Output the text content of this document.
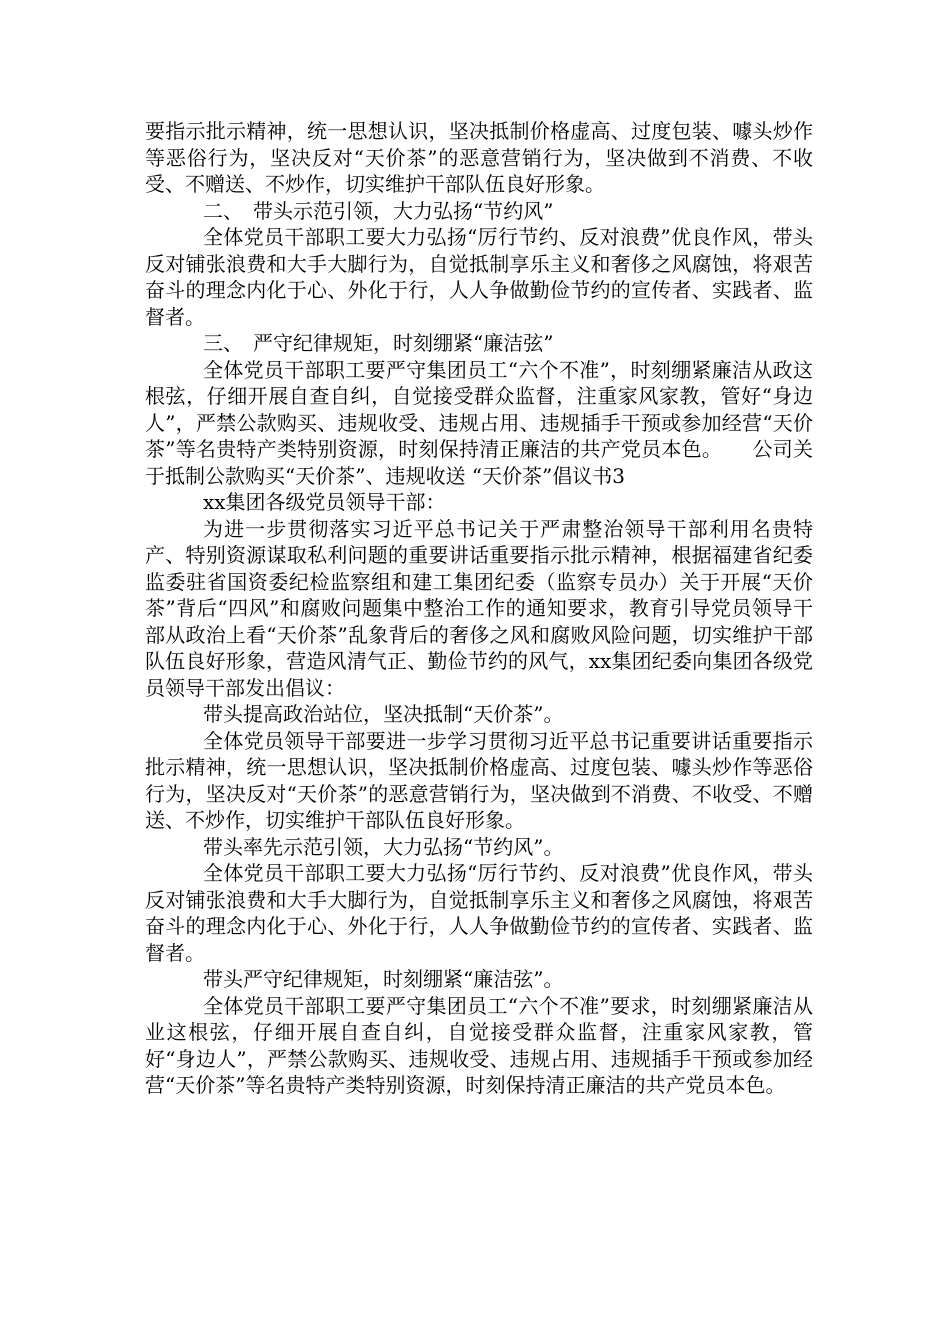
要指示批示精神，统一思想认识，坚决抵制价格虚高、过度包装、噱头炒作等恶俗行为，坚决反对“天价茶”的恶意营销行为，坚决做到不消费、不收受、不赠送、不炒作，切实维护干部队伍良好形象。

二、　带头示范引领，大力弘扬“节约风”

全体党员干部职工要大力弘扬“厉行节约、反对浪费”优良作风，带头反对铺张浪费和大手大脚行为，自觉抵制享乐主义和奢侈之风腐蚀，将艰苦奋斗的理念内化于心、外化于行，人人争做勤俭节约的宣传者、实践者、监督者。

三、　严守纪律规矩，时刻绷紧“廉洁弦”

全体党员干部职工要严守集团员工“六个不准”，时刻绷紧廉洁从政这根弦，仔细开展自查自纠，自觉接受群众监督，注重家风家教，管好“身边人”，严禁公款购买、违规收受、违规占用、违规插手干预或参加经营“天价茶”等名贵特产类特别资源，时刻保持清正廉洁的共产党员本色。　　公司关于抵制公款购买“天价茶”、违规收送 “天价茶”倡议书3

xx集团各级党员领导干部：

为进一步贯彻落实习近平总书记关于严肃整治领导干部利用名贵特产、特别资源谋取私利问题的重要讲话重要指示批示精神，根据福建省纪委监委驻省国资委纪检监察组和建工集团纪委（监察专员办）关于开展“天价茶”背后“四风”和腐败问题集中整治工作的通知要求，教育引导党员领导干部从政治上看“天价茶”乱象背后的奢侈之风和腐败风险问题，切实维护干部队伍良好形象，营造风清气正、勤俭节约的风气，xx集团纪委向集团各级党员领导干部发出倡议：

带头提高政治站位，坚决抵制“天价茶”。

全体党员领导干部要进一步学习贯彻习近平总书记重要讲话重要指示批示精神，统一思想认识，坚决抵制价格虚高、过度包装、噱头炒作等恶俗行为，坚决反对“天价茶”的恶意营销行为，坚决做到不消费、不收受、不赠送、不炒作，切实维护干部队伍良好形象。

带头率先示范引领，大力弘扬“节约风”。

全体党员干部职工要大力弘扬“厉行节约、反对浪费”优良作风，带头反对铺张浪费和大手大脚行为，自觉抵制享乐主义和奢侈之风腐蚀，将艰苦奋斗的理念内化于心、外化于行，人人争做勤俭节约的宣传者、实践者、监督者。

带头严守纪律规矩，时刻绷紧“廉洁弦”。

全体党员干部职工要严守集团员工“六个不准”要求，时刻绷紧廉洁从业这根弦，仔细开展自查自纠，自觉接受群众监督，注重家风家教，管好“身边人”，严禁公款购买、违规收受、违规占用、违规插手干预或参加经营“天价茶”等名贵特产类特别资源，时刻保持清正廉洁的共产党员本色。
